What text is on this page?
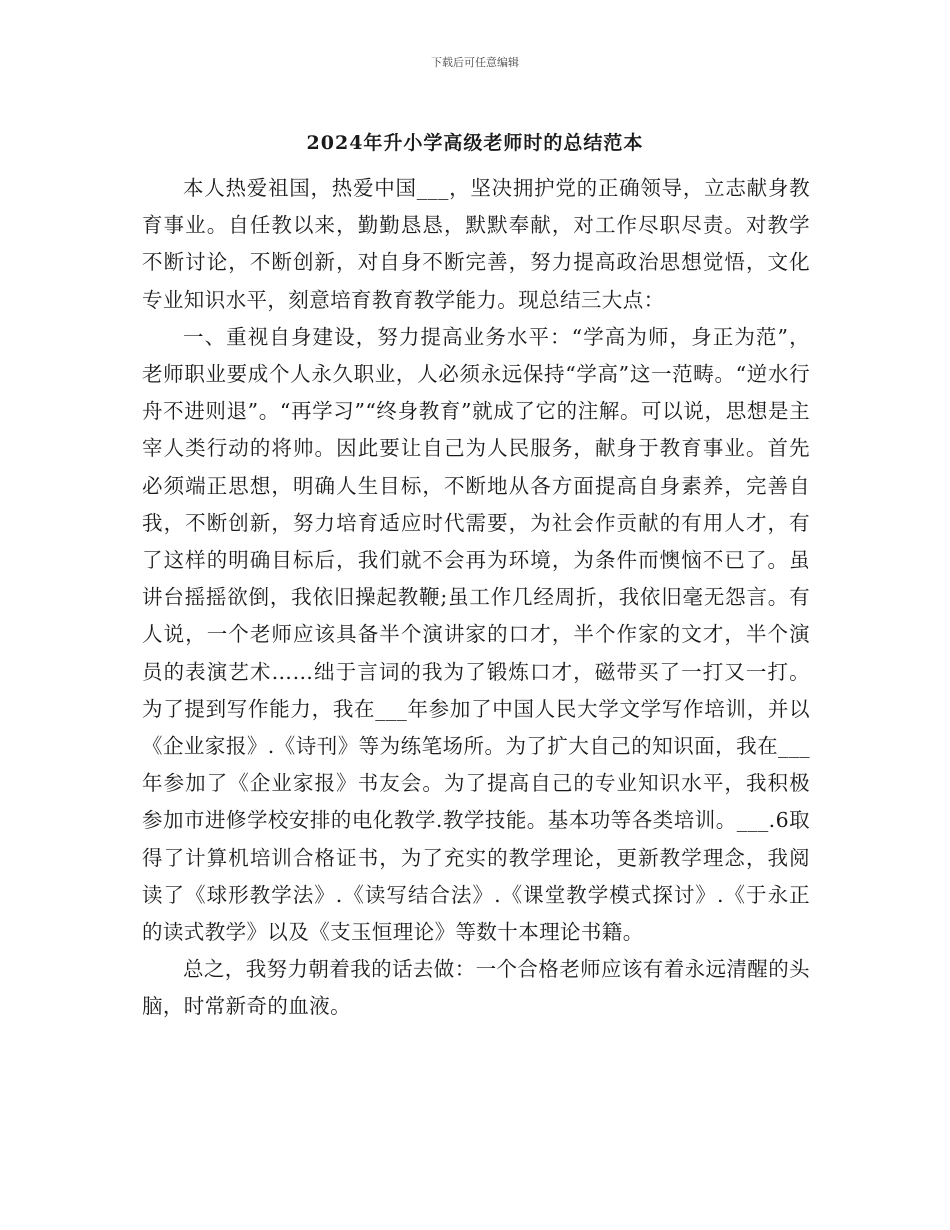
下载后可任意编辑
2024年升小学高级老师时的总结范本

本人热爱祖国，热爱中国___，坚决拥护党的正确领导，立志献身教育事业。自任教以来，勤勤恳恳，默默奉献，对工作尽职尽责。对教学不断讨论，不断创新，对自身不断完善，努力提高政治思想觉悟，文化专业知识水平，刻意培育教育教学能力。现总结三大点：

一、重视自身建设，努力提高业务水平：“学高为师，身正为范”，老师职业要成个人永久职业，人必须永远保持“学高”这一范畴。“逆水行舟不进则退”。“再学习”“终身教育”就成了它的注解。可以说，思想是主宰人类行动的将帅。因此要让自己为人民服务，献身于教育事业。首先必须端正思想，明确人生目标，不断地从各方面提高自身素养，完善自我，不断创新，努力培育适应时代需要，为社会作贡献的有用人才，有了这样的明确目标后，我们就不会再为环境，为条件而懊恼不已了。虽讲台摇摇欲倒，我依旧操起教鞭;虽工作几经周折，我依旧毫无怨言。有人说，一个老师应该具备半个演讲家的口才，半个作家的文才，半个演员的表演艺术……绌于言词的我为了锻炼口才，磁带买了一打又一打。为了提到写作能力，我在___年参加了中国人民大学文学写作培训，并以《企业家报》.《诗刊》等为练笔场所。为了扩大自己的知识面，我在___年参加了《企业家报》书友会。为了提高自己的专业知识水平，我积极参加市进修学校安排的电化教学.教学技能。基本功等各类培训。___.6取得了计算机培训合格证书，为了充实的教学理论，更新教学理念，我阅读了《球形教学法》.《读写结合法》.《课堂教学模式探讨》.《于永正的读式教学》以及《支玉恒理论》等数十本理论书籍。

总之，我努力朝着我的话去做：一个合格老师应该有着永远清醒的头脑，时常新奇的血液。
